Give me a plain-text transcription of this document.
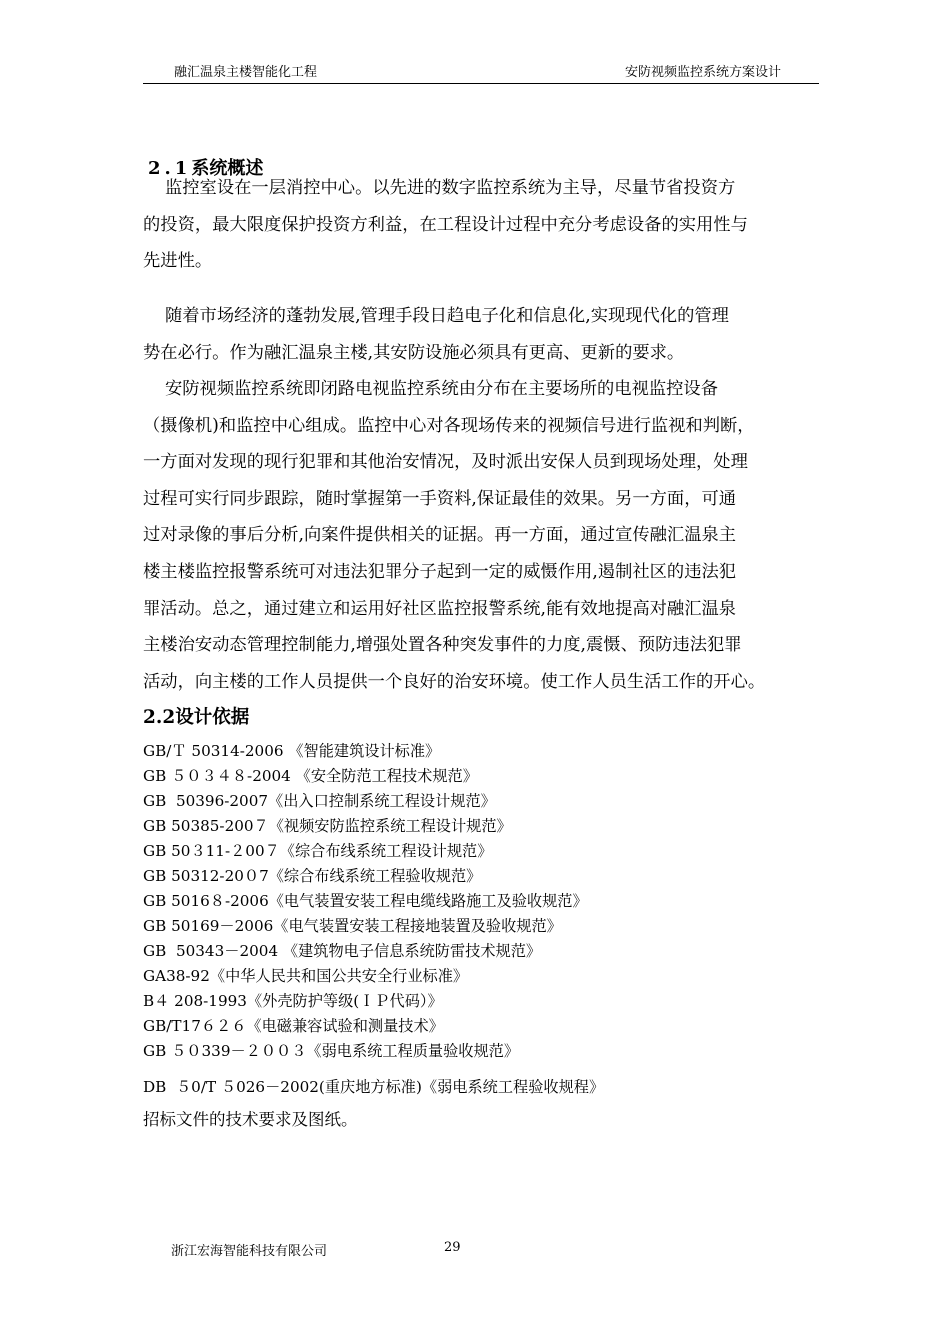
融汇温泉主楼智能化工程	安防视频监控系统方案设计
2.1系统概述
监控室设在一层消控中心。以先进的数字监控系统为主导，尽量节省投资方
的投资，最大限度保护投资方利益，在工程设计过程中充分考虑设备的实用性与
先进性。
随着市场经济的蓬勃发展,管理手段日趋电子化和信息化,实现现代化的管理
势在必行。作为融汇温泉主楼,其安防设施必须具有更高、更新的要求。
安防视频监控系统即闭路电视监控系统由分布在主要场所的电视监控设备
（摄像机)和监控中心组成。监控中心对各现场传来的视频信号进行监视和判断，
一方面对发现的现行犯罪和其他治安情况，及时派出安保人员到现场处理，处理
过程可实行同步跟踪，随时掌握第一手资料,保证最佳的效果。另一方面，可通
过对录像的事后分析,向案件提供相关的证据。再一方面，通过宣传融汇温泉主
楼主楼监控报警系统可对违法犯罪分子起到一定的威慑作用,遏制社区的违法犯
罪活动。总之，通过建立和运用好社区监控报警系统,能有效地提高对融汇温泉
主楼治安动态管理控制能力,增强处置各种突发事件的力度,震慑、预防违法犯罪
活动，向主楼的工作人员提供一个良好的治安环境。使工作人员生活工作的开心。
2.2设计依据

GB/Ｔ 50314-2006 《智能建筑设计标准》

GB ５０３４８-2004 《安全防范工程技术规范》

GB  50396-2007《出入口控制系统工程设计规范》

GB 50385-200７《视频安防监控系统工程设计规范》

GB 50３11-２00７《综合布线系统工程设计规范》

GB 50312-20０7《综合布线系统工程验收规范》

GB 5016８-2006《电气装置安装工程电缆线路施工及验收规范》

GB 50169－2006《电气装置安装工程接地装置及验收规范》

GB  50343－2004 《建筑物电子信息系统防雷技术规范》

GA38-92《中华人民共和国公共安全行业标准》

B４ 208-1993《外壳防护等级(ＩＰ代码）》

GB/T17６２６《电磁兼容试验和测量技术》

GB ５０339－２００３《弱电系统工程质量验收规范》

DB  ５0/T ５026－2002(重庆地方标准)《弱电系统工程验收规程》

招标文件的技术要求及图纸。
浙江宏海智能科技有限公司	29
